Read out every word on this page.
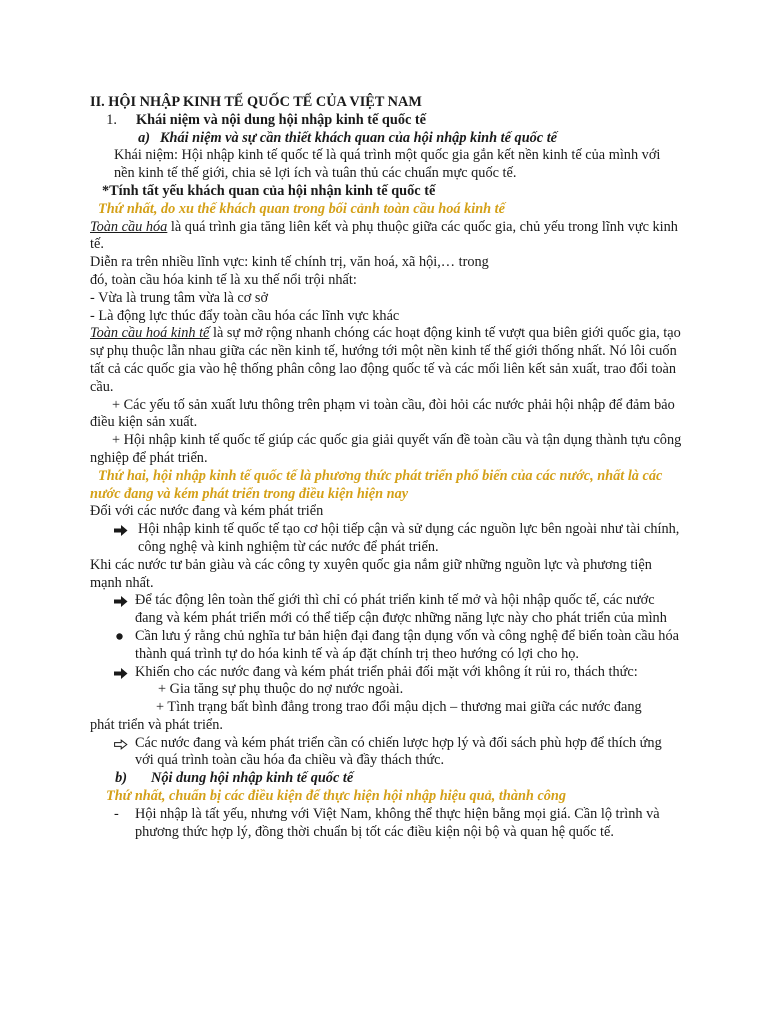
II. HỘI NHẬP KINH TẾ QUỐC TẾ CỦA VIỆT NAM

1.	Khái niệm và nội dung hội nhập kinh tế quốc tế
a) Khái niệm và sự cần thiết khách quan của hội nhập kinh tế quốc tế

Khái niệm: Hội nhập kinh tế quốc tế là quá trình một quốc gia gắn kết nền kinh tế của mình với nền kinh tế thế giới, chia sẻ lợi ích và tuân thủ các chuẩn mực quốc tế.

*Tính tất yếu khách quan của hội nhận kinh tế quốc tế

Thứ nhất, do xu thế khách quan trong bối cảnh toàn cầu hoá kinh tế

Toàn cầu hóa là quá trình gia tăng liên kết và phụ thuộc giữa các quốc gia, chủ yếu trong lĩnh vực kinh tế.

Diễn ra trên nhiều lĩnh vực: kinh tế chính trị, văn hoá, xã hội,… trong

đó, toàn cầu hóa kinh tế là xu thế nổi trội nhất:

- Vừa là trung tâm vừa là cơ sở

- Là động lực thúc đẩy toàn cầu hóa các lĩnh vực khác

Toàn cầu hoá kinh tế là sự mở rộng nhanh chóng các hoạt động kinh tế vượt qua biên giới quốc gia, tạo sự phụ thuộc lẫn nhau giữa các nền kinh tế, hướng tới một nền kinh tế thế giới thống nhất. Nó lôi cuốn tất cả các quốc gia vào hệ thống phân công lao động quốc tế và các mối liên kết sản xuất, trao đổi toàn cầu.

+ Các yếu tố sản xuất lưu thông trên phạm vi toàn cầu, đòi hỏi các nước phải hội nhập để đảm bảo điều kiện sản xuất.

+ Hội nhập kinh tế quốc tế giúp các quốc gia giải quyết vấn đề toàn cầu và tận dụng thành tựu công nghiệp để phát triển.

Thứ hai, hội nhập kinh tế quốc tế là phương thức phát triển phổ biến của các nước, nhất là các nước đang và kém phát triển trong điều kiện hiện nay

Đối với các nước đang và kém phát triển

Hội nhập kinh tế quốc tế tạo cơ hội tiếp cận và sử dụng các nguồn lực bên ngoài như tài chính, công nghệ và kinh nghiệm từ các nước để phát triển.

Khi các nước tư bản giàu và các công ty xuyên quốc gia nắm giữ những nguồn lực và phương tiện mạnh nhất.

Để tác động lên toàn thế giới thì chỉ có phát triển kinh tế mở và hội nhập quốc tế, các nước đang và kém phát triển mới có thể tiếp cận được những năng lực này cho phát triển của mình
Cần lưu ý rằng chủ nghĩa tư bản hiện đại đang tận dụng vốn và công nghệ để biến toàn cầu hóa thành quá trình tự do hóa kinh tế và áp đặt chính trị theo hướng có lợi cho họ.
Khiến cho các nước đang và kém phát triển phải đối mặt với không ít rủi ro, thách thức:

+ Gia tăng sự phụ thuộc do nợ nước ngoài.

+ Tình trạng bất bình đẳng trong trao đổi mậu dịch – thương mai giữa các nước đang

phát triển và phát triển.

Các nước đang và kém phát triển cần có chiến lược hợp lý và đối sách phù hợp để thích ứng với quá trình toàn cầu hóa đa chiều và đầy thách thức.
b)	Nội dung hội nhập kinh tế quốc tế

Thứ nhất, chuẩn bị các điều kiện để thực hiện hội nhập hiệu quả, thành công

-	Hội nhập là tất yếu, nhưng với Việt Nam, không thể thực hiện bằng mọi giá. Cần lộ trình và phương thức hợp lý, đồng thời chuẩn bị tốt các điều kiện nội bộ và quan hệ quốc tế.
